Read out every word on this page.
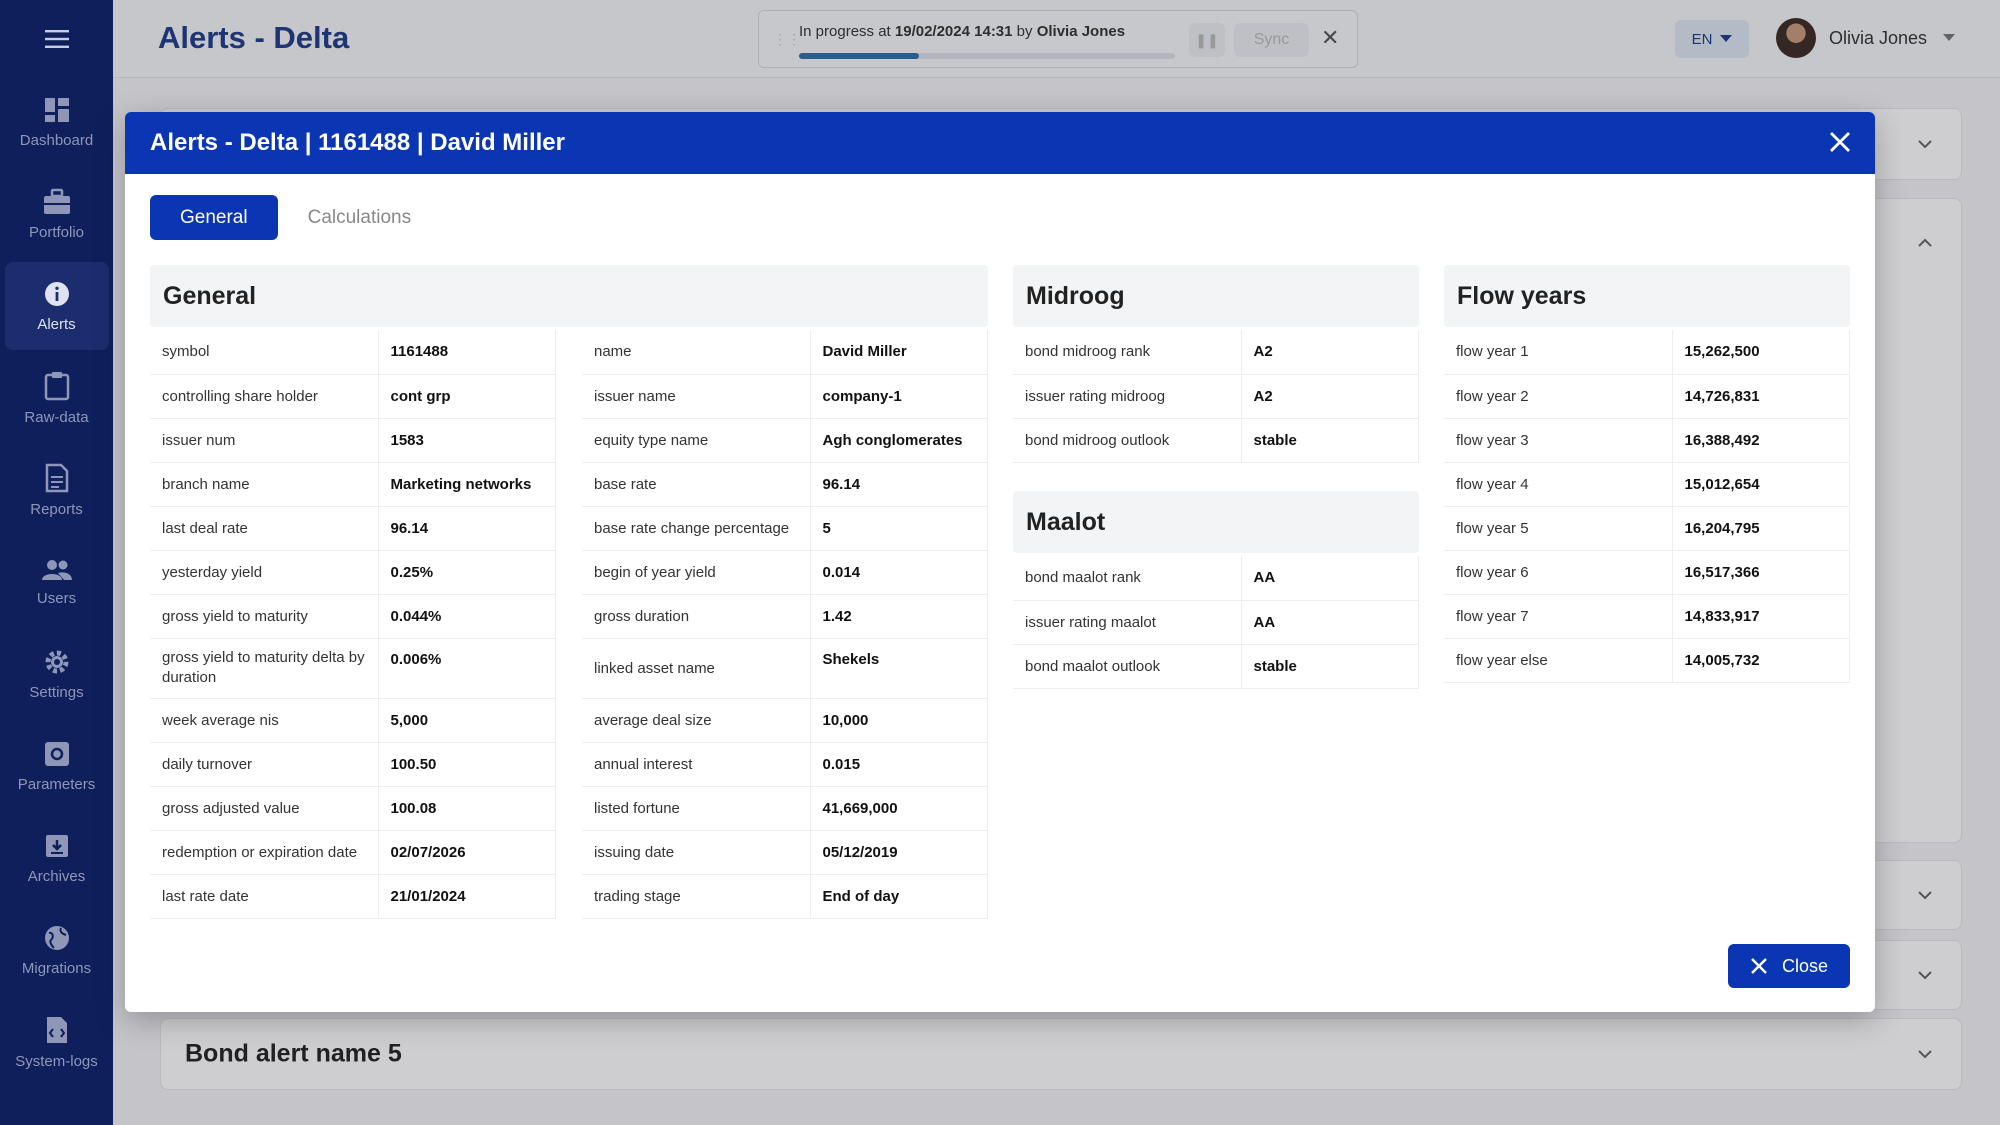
Dashboard
Portfolio
Alerts
Raw-data
Reports
Users
Settings
Parameters
Archives
Migrations
System-logs
Alerts - Delta	⋮⋮
In progress at 19/02/2024 14:31 by Olivia Jones	❚❚	Sync	✕	EN	Olivia Jones
Bond alert name 5
Alerts - Delta | 1161488 | David Miller
General	Calculations
General
symbol	1161488
controlling share holder	cont grp
issuer num	1583
branch name	Marketing networks
last deal rate	96.14
yesterday yield	0.25%
gross yield to maturity	0.044%
gross yield to maturity delta by duration	0.006%
week average nis	5,000
daily turnover	100.50
gross adjusted value	100.08
redemption or expiration date	02/07/2026
last rate date	21/01/2024
name	David Miller
issuer name	company-1
equity type name	Agh conglomerates
base rate	96.14
base rate change percentage	5
begin of year yield	0.014
gross duration	1.42
linked asset name	Shekels
average deal size	10,000
annual interest	0.015
listed fortune	41,669,000
issuing date	05/12/2019
trading stage	End of day
Midroog
bond midroog rank	A2
issuer rating midroog	A2
bond midroog outlook	stable
Maalot
bond maalot rank	AA
issuer rating maalot	AA
bond maalot outlook	stable
Flow years
flow year 1	15,262,500
flow year 2	14,726,831
flow year 3	16,388,492
flow year 4	15,012,654
flow year 5	16,204,795
flow year 6	16,517,366
flow year 7	14,833,917
flow year else	14,005,732
Close
